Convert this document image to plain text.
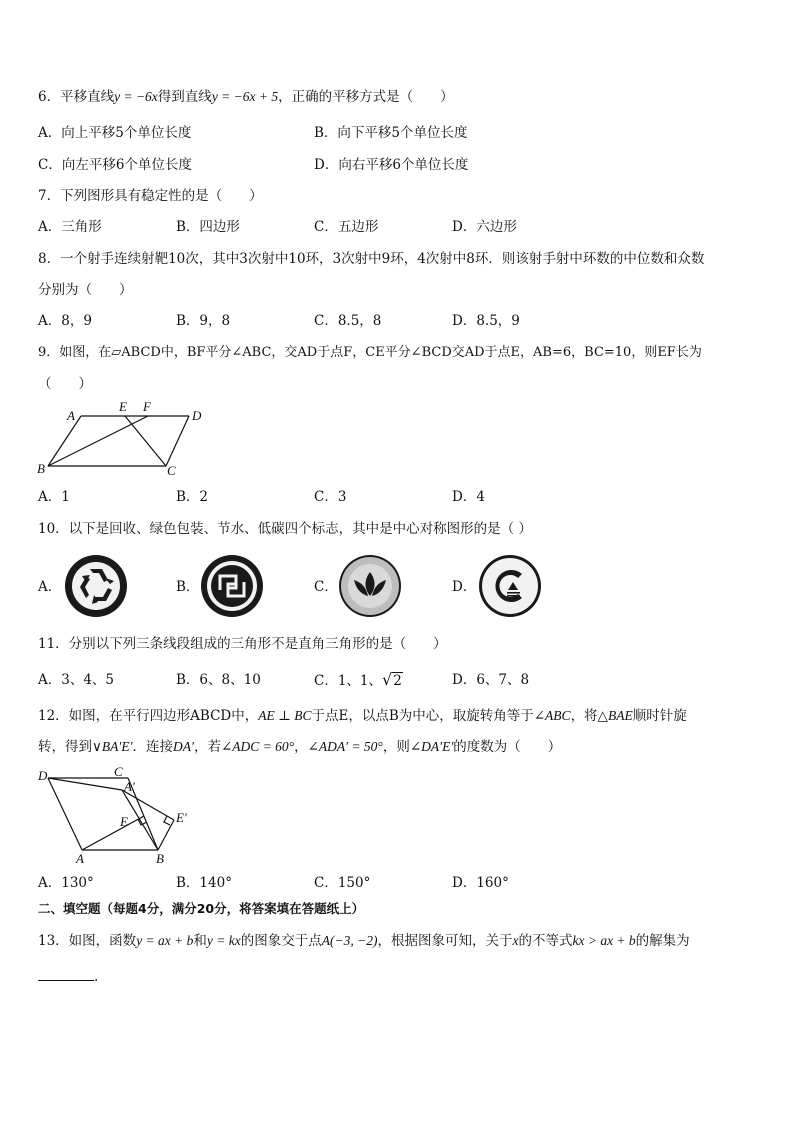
6．平移直线y = −6x得到直线y = −6x + 5，正确的平移方式是（　　）
A．向上平移5个单位长度	B．向下平移5个单位长度
C．向左平移6个单位长度	D．向右平移6个单位长度
7．下列图形具有稳定性的是（　　）
A．三角形	B．四边形	C．五边形	D．六边形
8．一个射手连续射靶10次，其中3次射中10环，3次射中9环，4次射中8环．则该射手射中环数的中位数和众数
分别为（　　）
A．8，9	B．9，8	C．8.5，8	D．8.5，9
9．如图，在▱ABCD中，BF平分∠ABC，交AD于点F，CE平分∠BCD交AD于点E，AB=6，BC=10，则EF长为
（　　）
A
E F
D
B	C
A．1	B．2	C．3	D．4
10．以下是回收、绿色包装、节水、低碳四个标志，其中是中心对称图形的是（ ）
A．	B．	C．	D．
11．分别以下列三条线段组成的三角形不是直角三角形的是（　　）
A．3、4、5	B．6、8、10	C．1、1、√2	D．6、7、8
12．如图，在平行四边形ABCD中，AE ⊥ BC于点E，以点B为中心，取旋转角等于∠ABC，将△BAE顺时针旋
转，得到∨BA′E′．连接DA′，若∠ADC = 60°，∠ADA′ = 50°，则∠DA′E′的度数为（　　）
D	C
A′
E	E′
A	B
A．130°	B．140°	C．150°	D．160°
二、填空题（每题4分，满分20分，将答案填在答题纸上）
13．如图，函数y = ax + b和y = kx的图象交于点A(−3, −2)，根据图象可知，关于x的不等式kx > ax + b的解集为
.
